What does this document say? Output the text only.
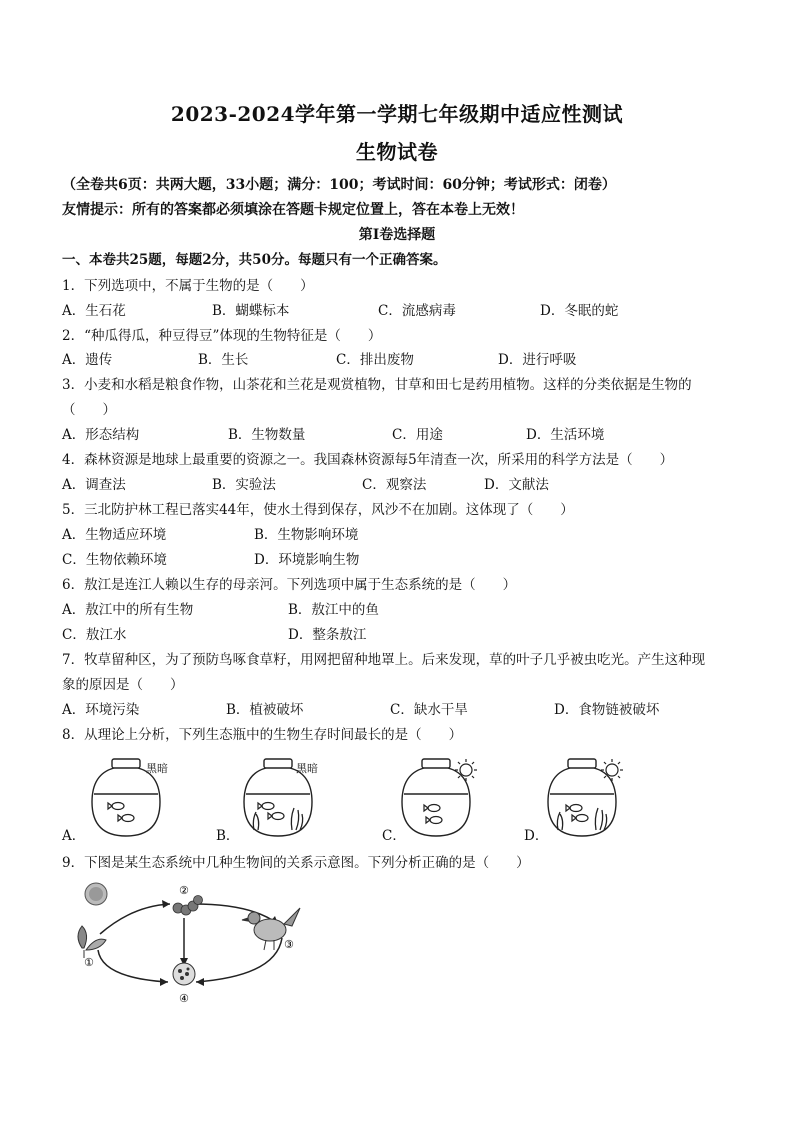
2023-2024学年第一学期七年级期中适应性测试
生物试卷
（全卷共6页：共两大题，33小题；满分：100；考试时间：60分钟；考试形式：闭卷）
友情提示：所有的答案都必须填涂在答题卡规定位置上，答在本卷上无效！
第Ⅰ卷选择题
一、本卷共25题，每题2分，共50分。每题只有一个正确答案。
1．下列选项中，不属于生物的是（　　）
A．生石花	B．蝴蝶标本	C．流感病毒	D．冬眠的蛇
2．“种瓜得瓜，种豆得豆”体现的生物特征是（　　）
A．遗传	B．生长	C．排出废物	D．进行呼吸
3．小麦和水稻是粮食作物，山茶花和兰花是观赏植物，甘草和田七是药用植物。这样的分类依据是生物的
（　　）
A．形态结构	B．生物数量	C．用途	D．生活环境
4．森林资源是地球上最重要的资源之一。我国森林资源每5年清查一次，所采用的科学方法是（　　）
A．调查法	B．实验法	C．观察法	D．文献法
5．三北防护林工程已落实44年，使水土得到保存，风沙不在加剧。这体现了（　　）
A．生物适应环境	B．生物影响环境
C．生物依赖环境	D．环境影响生物
6．敖江是连江人赖以生存的母亲河。下列选项中属于生态系统的是（　　）
A．敖江中的所有生物	B．敖江中的鱼
C．敖江水	D．整条敖江
7．牧草留种区，为了预防鸟啄食草籽，用网把留种地罩上。后来发现，草的叶子几乎被虫吃光。产生这种现
象的原因是（　　）
A．环境污染	B．植被破坏	C．缺水干旱	D．食物链被破坏
8．从理论上分析，下列生态瓶中的生物生存时间最长的是（　　）
A．	B．	C．	D．
黑暗	黑暗
9．下图是某生态系统中几种生物间的关系示意图。下列分析正确的是（　　）
①
②
③
④
